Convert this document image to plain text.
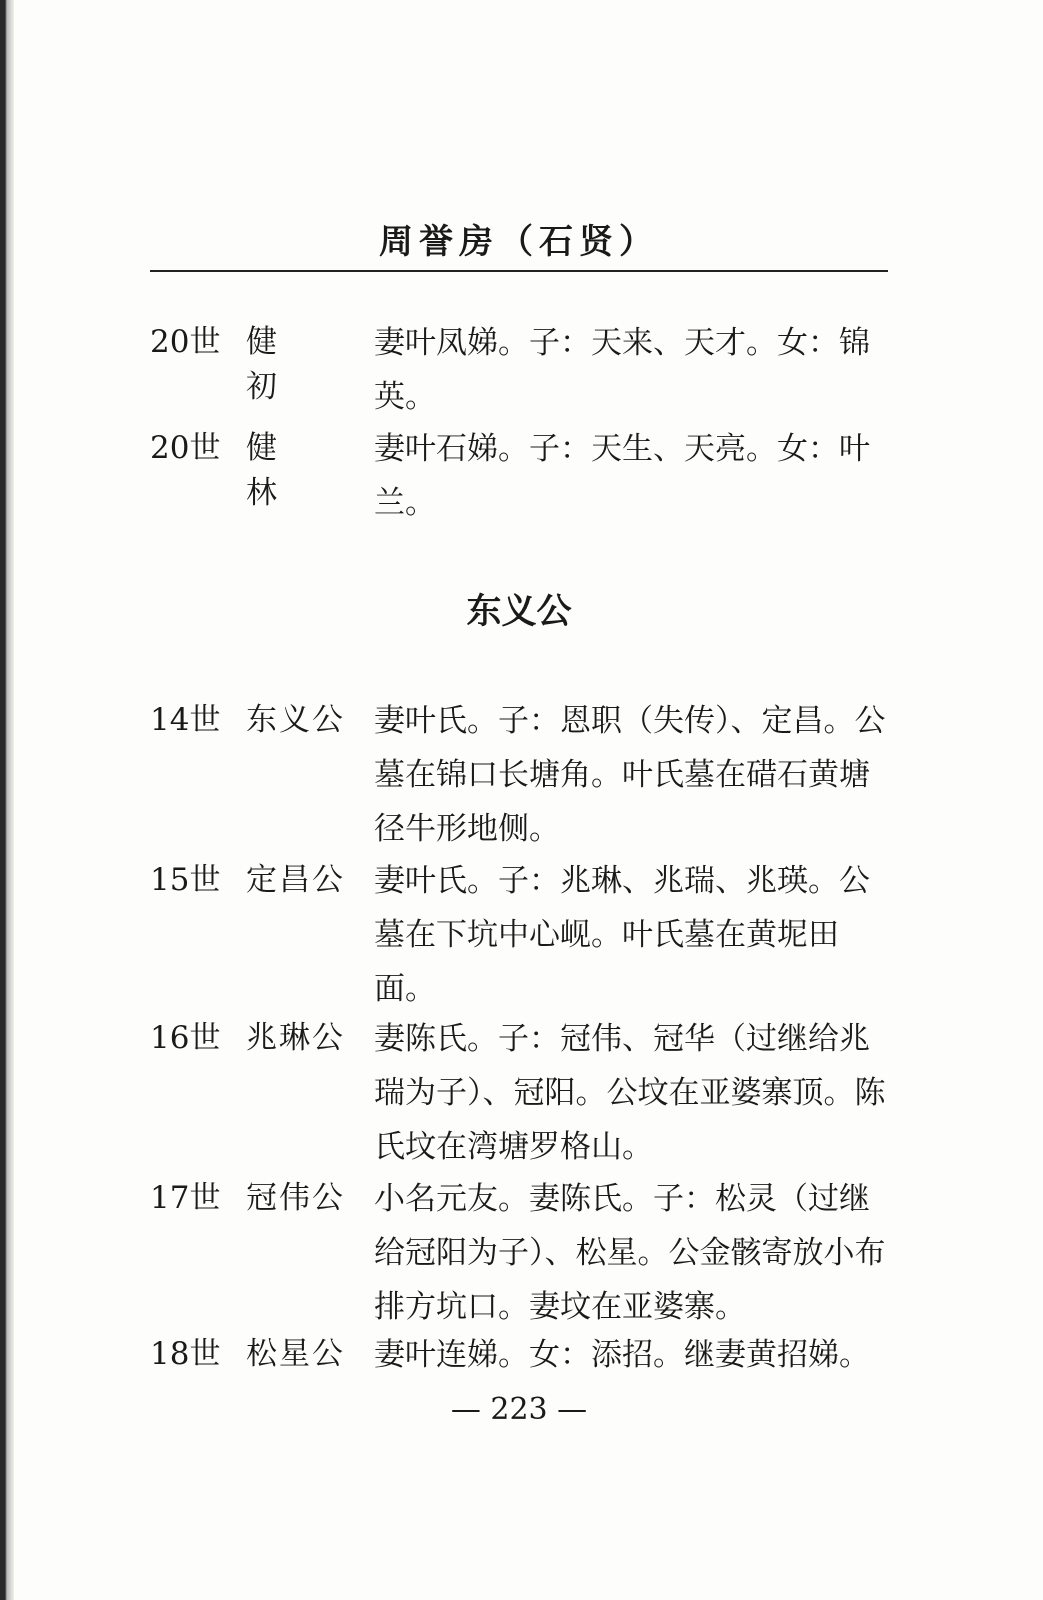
周誉房（石贤）
20世 健初

妻叶凤娣。子：天来、天才。女：锦英。

20世 健林

妻叶石娣。子：天生、天亮。女：叶兰。

东义公
14世 东义公 妻叶氏。子：恩职（失传）、定昌。公墓在锦口长塘角。叶氏墓在碏石黄塘径牛形地侧。

15世 定昌公 妻叶氏。子：兆琳、兆瑞、兆瑛。公墓在下坑中心岘。叶氏墓在黄坭田面。

16世 兆琳公 妻陈氏。子：冠伟、冠华（过继给兆瑞为子）、冠阳。公坟在亚婆寨顶。陈氏坟在湾塘罗格山。

17世 冠伟公 小名元友。妻陈氏。子：松灵（过继给冠阳为子）、松星。公金骸寄放小布排方坑口。妻坟在亚婆寨。

18世 松星公 妻叶连娣。女：添招。继妻黄招娣。

— 223 —
